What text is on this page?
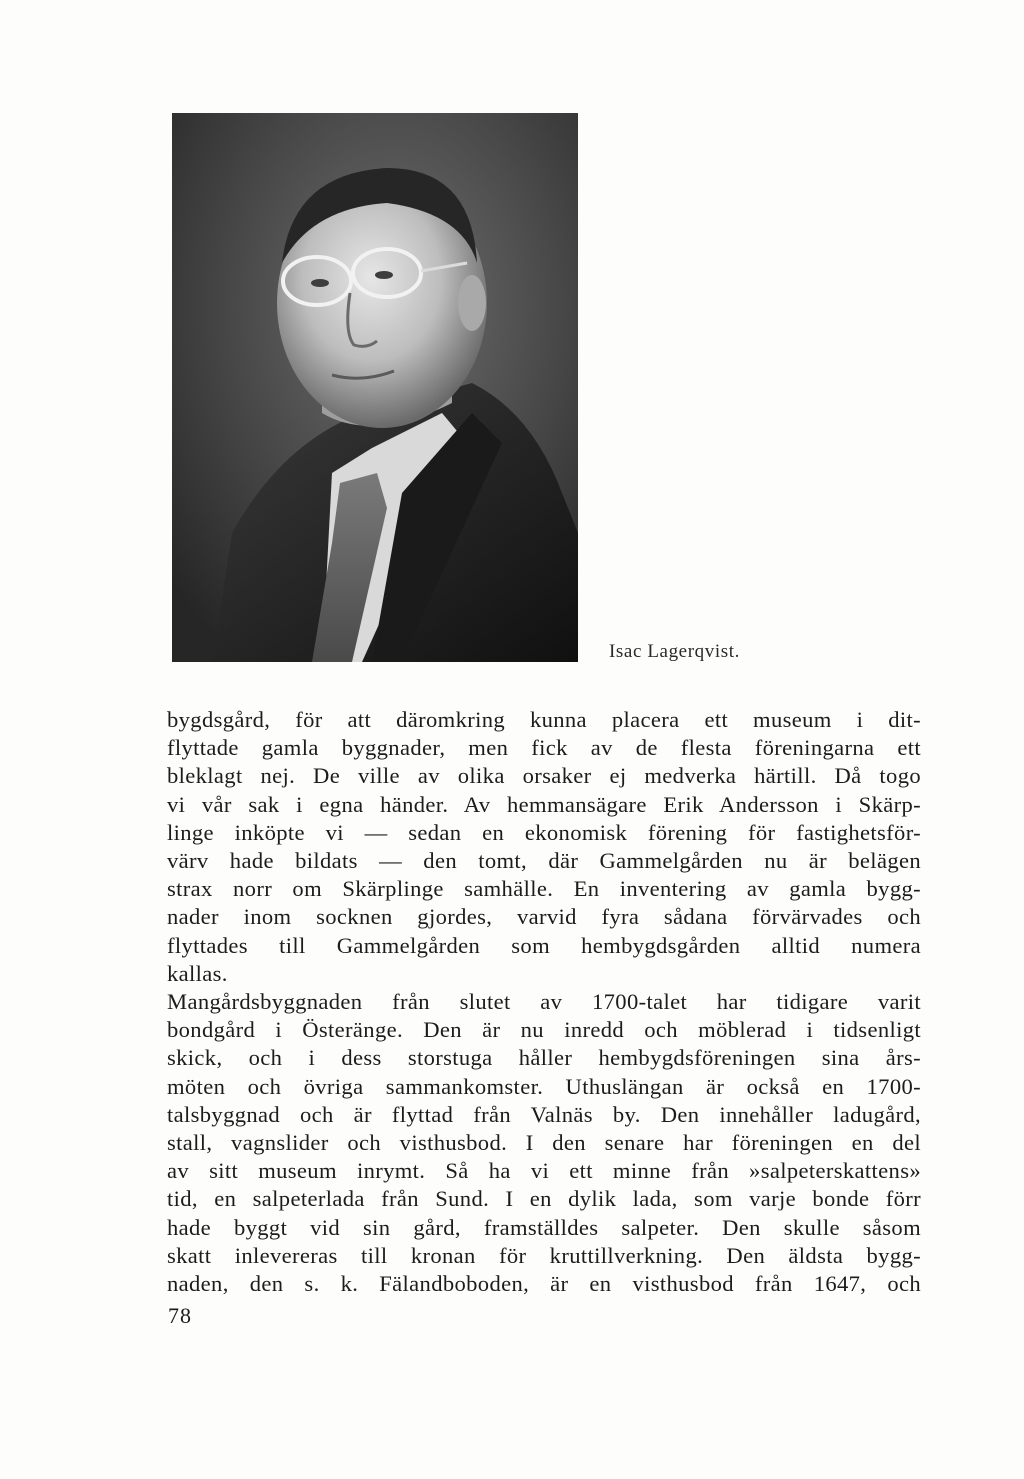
Isac Lagerqvist.
bygdsgård, för att däromkring kunna placera ett museum i dit-
flyttade gamla byggnader, men fick av de flesta föreningarna ett
bleklagt nej. De ville av olika orsaker ej medverka härtill. Då togo
vi vår sak i egna händer. Av hemmansägare Erik Andersson i Skärp-
linge inköpte vi — sedan en ekonomisk förening för fastighetsför-
värv hade bildats — den tomt, där Gammelgården nu är belägen
strax norr om Skärplinge samhälle. En inventering av gamla bygg-
nader inom socknen gjordes, varvid fyra sådana förvärvades och
flyttades till Gammelgården som hembygdsgården alltid numera
kallas.
Mangårdsbyggnaden från slutet av 1700-talet har tidigare varit
bondgård i Österänge. Den är nu inredd och möblerad i tidsenligt
skick, och i dess storstuga håller hembygdsföreningen sina års-
möten och övriga sammankomster. Uthuslängan är också en 1700-
talsbyggnad och är flyttad från Valnäs by. Den innehåller ladugård,
stall, vagnslider och visthusbod. I den senare har föreningen en del
av sitt museum inrymt. Så ha vi ett minne från »salpeterskattens»
tid, en salpeterlada från Sund. I en dylik lada, som varje bonde förr
hade byggt vid sin gård, framställdes salpeter. Den skulle såsom
skatt inlevereras till kronan för kruttillverkning. Den äldsta bygg-
naden, den s. k. Fälandboboden, är en visthusbod från 1647, och
78
